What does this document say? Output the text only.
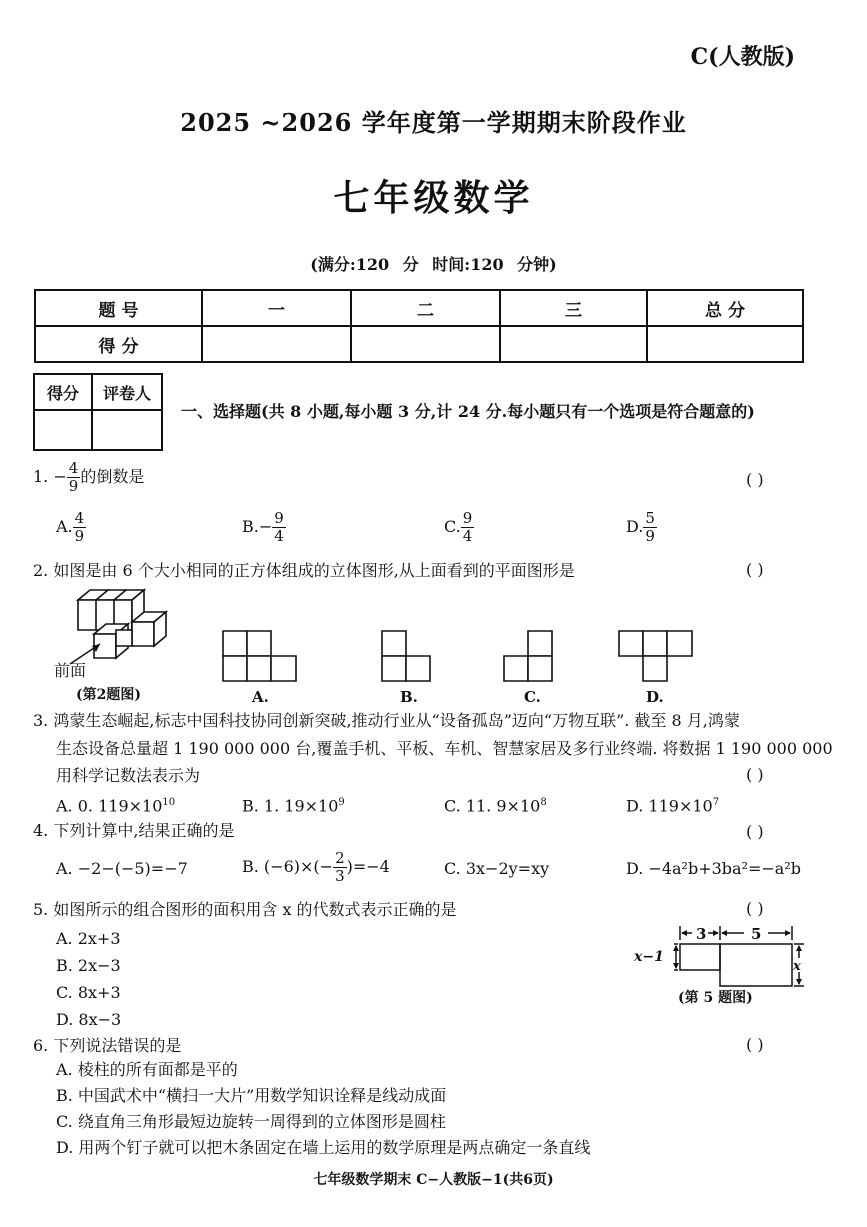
C(人教版)
2025 ~2026 学年度第一学期期末阶段作业
七年级数学
(满分:120 分 时间:120 分钟)
题 号	一	二	三	总 分
得 分				
得分	评卷人

一、选择题(共 8 小题,每小题 3 分,计 24 分.每小题只有一个选项是符合题意的)
1. − $\frac{4}{9}$ 的倒数是	( )
A. $\frac{4}{9}$	$B.- \frac{9}{4}$	C. $\frac{9}{4}$	D. $\frac{5}{9}$
2. 如图是由 6 个大小相同的正方体组成的立体图形,从上面看到的平面图形是	( )
前面
(第2题图)	A.	B.	C.	D.
3. 鸿蒙生态崛起,标志中国科技协同创新突破,推动行业从“设备孤岛”迈向“万物互联”. 截至 8 月,鸿蒙
生态设备总量超 1 190 000 000 台,覆盖手机、平板、车机、智慧家居及多行业终端. 将数据 1 190 000 000
用科学记数法表示为	( )
A. 0. $119\times 10^{10}$	B. 1. $19\times 10^9$	C. 11. $9\times 10^8$	D. $119\times 10^7$
4. 下列计算中,结果正确的是	( )
A. −2−(−5)=−7	B. $(-6)\times(- \frac{2}{3} )=-4$	C. 3x−2y=xy	D. −4a²b+3ba²=−a²b
5. 如图所示的组合图形的面积用含 x 的代数式表示正确的是	( )
A. 2x+3
B. 2x−3
C. 8x+3
D. 8x−3
3	5
x−1
x
(第 5 题图)
6. 下列说法错误的是	( )
A. 棱柱的所有面都是平的
B. 中国武术中“横扫一大片”用数学知识诠释是线动成面
C. 绕直角三角形最短边旋转一周得到的立体图形是圆柱
D. 用两个钉子就可以把木条固定在墙上运用的数学原理是两点确定一条直线
七年级数学期末 C−人教版−1(共6页)
